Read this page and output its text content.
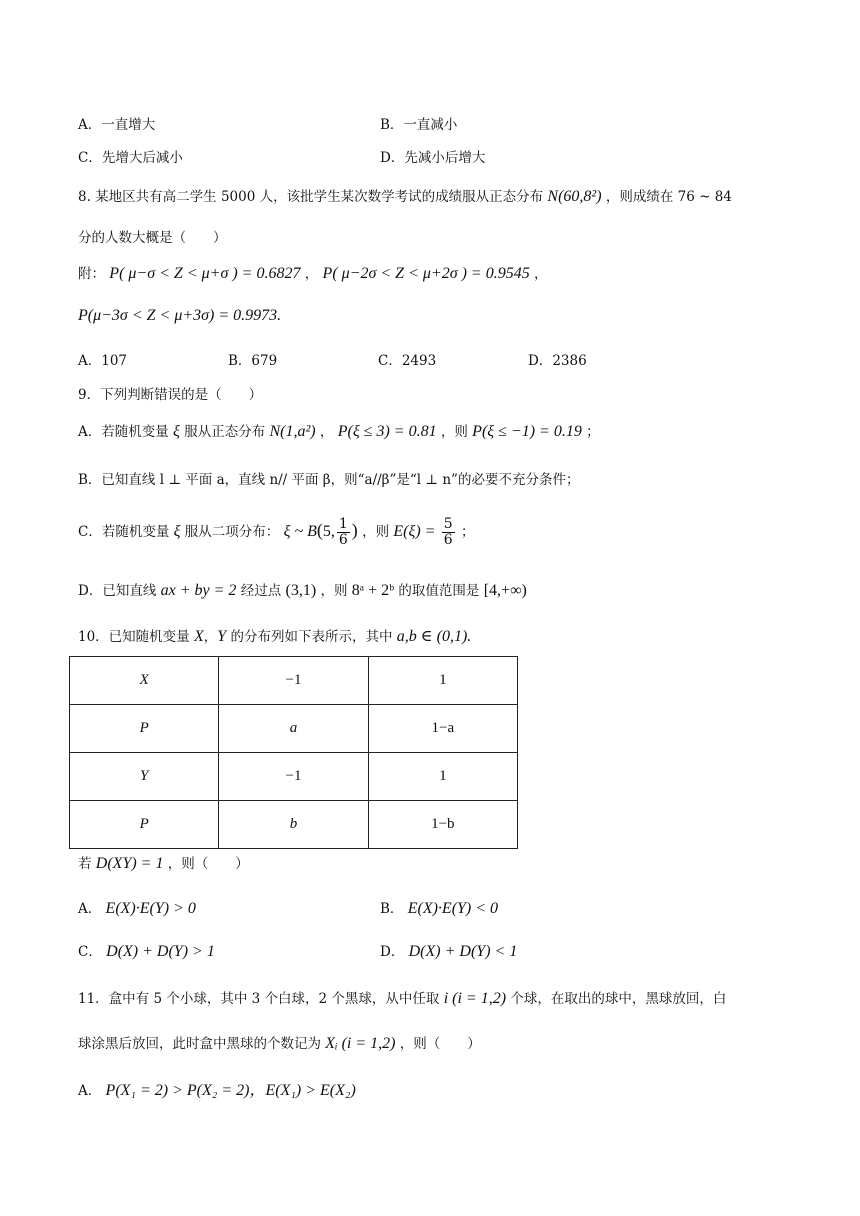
A．一直增大	B．一直减小
C．先增大后减小	D．先减小后增大
8. 某地区共有高二学生 5000 人，该批学生某次数学考试的成绩服从正态分布 N(60,8²) ，则成绩在 76 ~ 84
分的人数大概是（　　）
附： P( μ−σ < Z < μ+σ ) = 0.6827 ， P( μ−2σ < Z < μ+2σ ) = 0.9545 ，
P(μ−3σ < Z < μ+3σ) = 0.9973.
A．107	B．679	C．2493	D．2386
9．下列判断错误的是（　　）
A．若随机变量 ξ 服从正态分布 N(1,a²) ， P(ξ ≤ 3) = 0.81 ，则 P(ξ ≤ −1) = 0.19 ；
B．已知直线 l ⊥ 平面 a，直线 n// 平面 β，则“a//β”是“l ⊥ n”的必要不充分条件；
C．若随机变量 ξ 服从二项分布： ξ ~ B(5, $\frac{1}{6}$ ) ，则 $E(\xi) = \frac{5}{6}$ ；
D．已知直线 ax + by = 2 经过点 (3,1) ，则 8ᵃ + 2ᵇ 的取值范围是 [4,+∞)
10．已知随机变量 X，Y 的分布列如下表所示，其中 a,b ∈ (0,1).
X	−1	1
P	a	1−a
Y	−1	1
P	b	1−b
若 D(XY) = 1 ，则（　　）
A． E(X)·E(Y) > 0	B． E(X)·E(Y) < 0
C． D(X) + D(Y) > 1	D． D(X) + D(Y) < 1
11．盒中有 5 个小球，其中 3 个白球，2 个黑球，从中任取 i (i = 1,2) 个球，在取出的球中，黑球放回，白
球涂黑后放回，此时盒中黑球的个数记为 Xᵢ (i = 1,2) ，则（　　）
A． P(X₁ = 2) > P(X₂ = 2)，E(X₁) > E(X₂)
